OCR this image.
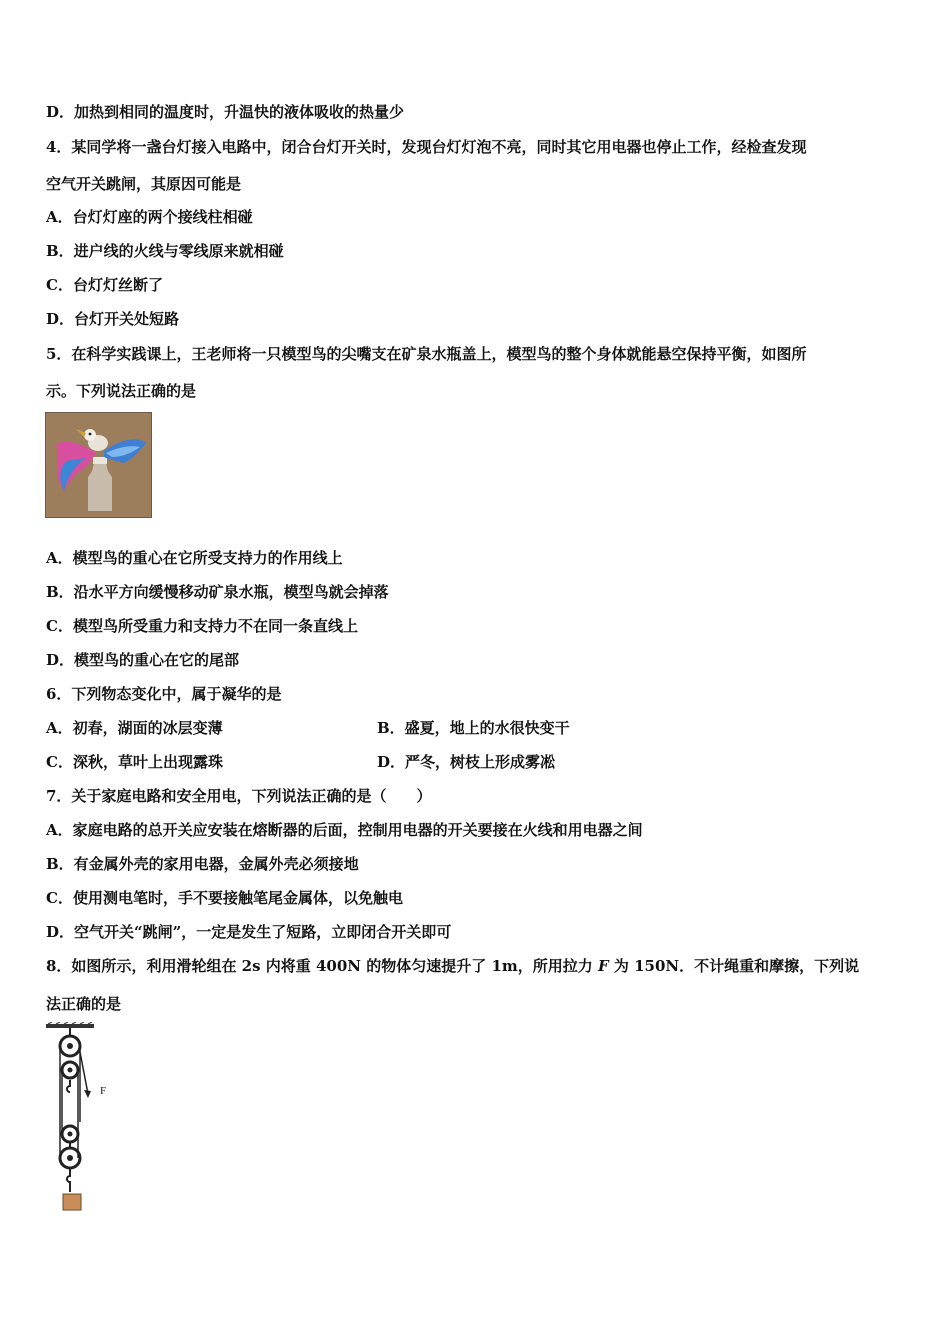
D．加热到相同的温度时，升温快的液体吸收的热量少
4．某同学将一盏台灯接入电路中，闭合台灯开关时，发现台灯灯泡不亮，同时其它用电器也停止工作，经检查发现
空气开关跳闸，其原因可能是
A．台灯灯座的两个接线柱相碰
B．进户线的火线与零线原来就相碰
C．台灯灯丝断了
D．台灯开关处短路
5．在科学实践课上，王老师将一只模型鸟的尖嘴支在矿泉水瓶盖上，模型鸟的整个身体就能悬空保持平衡，如图所
示。下列说法正确的是
A．模型鸟的重心在它所受支持力的作用线上
B．沿水平方向缓慢移动矿泉水瓶，模型鸟就会掉落
C．模型鸟所受重力和支持力不在同一条直线上
D．模型鸟的重心在它的尾部
6．下列物态变化中，属于凝华的是
A．初春，湖面的冰层变薄	B．盛夏，地上的水很快变干
C．深秋，草叶上出现露珠	D．严冬，树枝上形成雾凇
7．关于家庭电路和安全用电，下列说法正确的是（　　）
A．家庭电路的总开关应安装在熔断器的后面，控制用电器的开关要接在火线和用电器之间
B．有金属外壳的家用电器，金属外壳必须接地
C．使用测电笔时，手不要接触笔尾金属体，以免触电
D．空气开关“跳闸”，一定是发生了短路，立即闭合开关即可
8．如图所示，利用滑轮组在 2s 内将重 400N 的物体匀速提升了 1m，所用拉力 F 为 150N．不计绳重和摩擦，下列说
法正确的是
F
